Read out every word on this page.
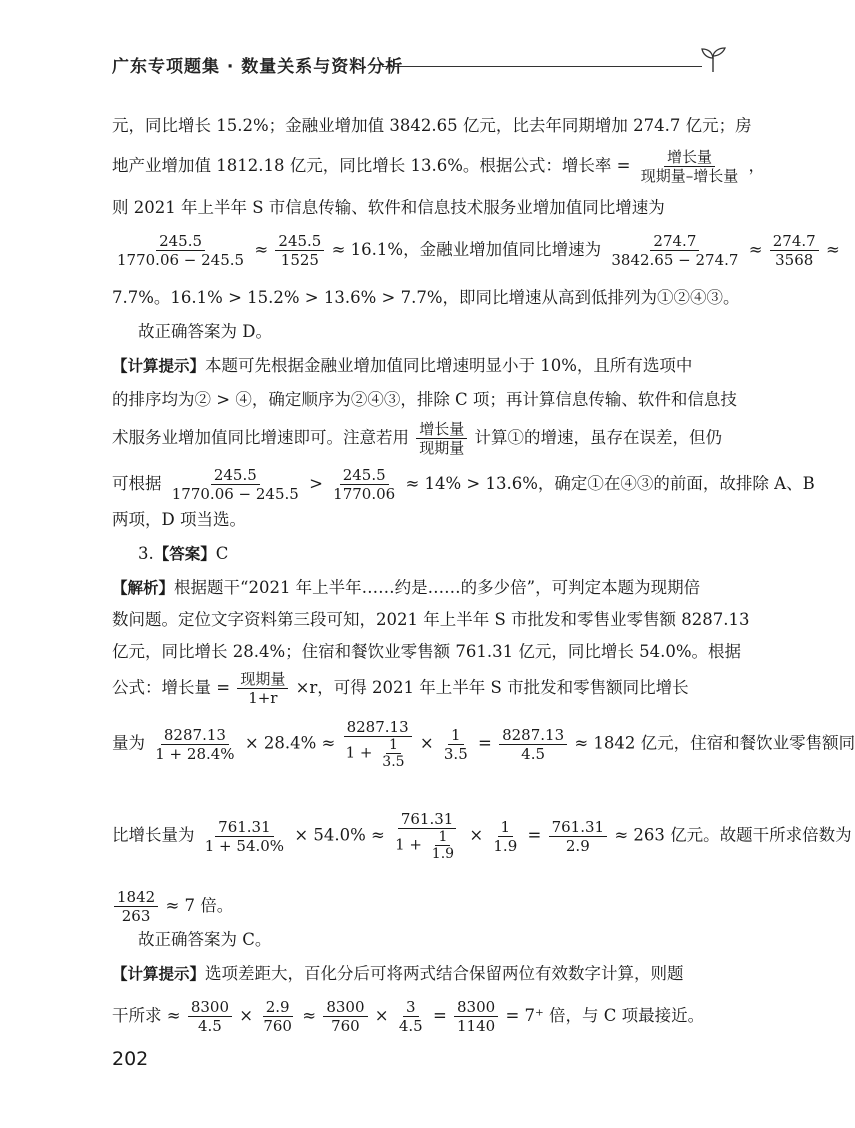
广东专项题集 · 数量关系与资料分析
元，同比增长 15.2%；金融业增加值 3842.65 亿元，比去年同期增加 274.7 亿元；房
地产业增加值 1812.18 亿元，同比增长 13.6%。根据公式：增长率 = $\frac{\text{增长量}}{\text{现期量–增长量}}$ ，
则 2021 年上半年 S 市信息传输、软件和信息技术服务业增加值同比增速为
$\frac{245.5}{1770.06 - 245.5} \approx \frac{245.5}{1525} \approx 16.1\%$，金融业增加值同比增速为 $\frac{274.7}{3842.65 - 274.7} \approx \frac{274.7}{3568}$ ≈
7.7%。16.1% > 15.2% > 13.6% > 7.7%，即同比增速从高到低排列为①②④③。
故正确答案为 D。
【计算提示】本题可先根据金融业增加值同比增速明显小于 10%，且所有选项中
的排序均为② > ④，确定顺序为②④③，排除 C 项；再计算信息传输、软件和信息技
术服务业增加值同比增速即可。注意若用 $\frac{\text{增长量}}{\text{现期量}}$ 计算①的增速，虽存在误差，但仍
可根据 $\frac{245.5}{1770.06 - 245.5} > \frac{245.5}{1770.06} \approx 14\% > 13.6\%$，确定①在④③的前面，故排除 A、B
两项，D 项当选。
3.【答案】C
【解析】根据题干“2021 年上半年……约是……的多少倍”，可判定本题为现期倍
数问题。定位文字资料第三段可知，2021 年上半年 S 市批发和零售业零售额 8287.13
亿元，同比增长 28.4%；住宿和餐饮业零售额 761.31 亿元，同比增长 54.0%。根据
公式：增长量 = $\frac{\text{现期量}}{1+r} \times r$，可得 2021 年上半年 S 市批发和零售额同比增长
量为 $\frac{8287.13}{1 + 28.4\%} \times 28.4\% \approx \frac{8287.13}{1 + \frac{1}{3.5}} \times \frac{1}{3.5} = \frac{8287.13}{4.5} \approx 1842$ 亿元，住宿和餐饮业零售额同
比增长量为 $\frac{761.31}{1 + 54.0\%} \times 54.0\% \approx \frac{761.31}{1 + \frac{1}{1.9}} \times \frac{1}{1.9} = \frac{761.31}{2.9} \approx 263$ 亿元。故题干所求倍数为
$\frac{1842}{263} \approx 7$ 倍。
故正确答案为 C。
【计算提示】选项差距大，百化分后可将两式结合保留两位有效数字计算，则题
干所求 ≈ $\frac{8300}{4.5} \times \frac{2.9}{760} \approx \frac{8300}{760} \times \frac{3}{4.5} = \frac{8300}{1140} = 7^+$ 倍，与 C 项最接近。
202
